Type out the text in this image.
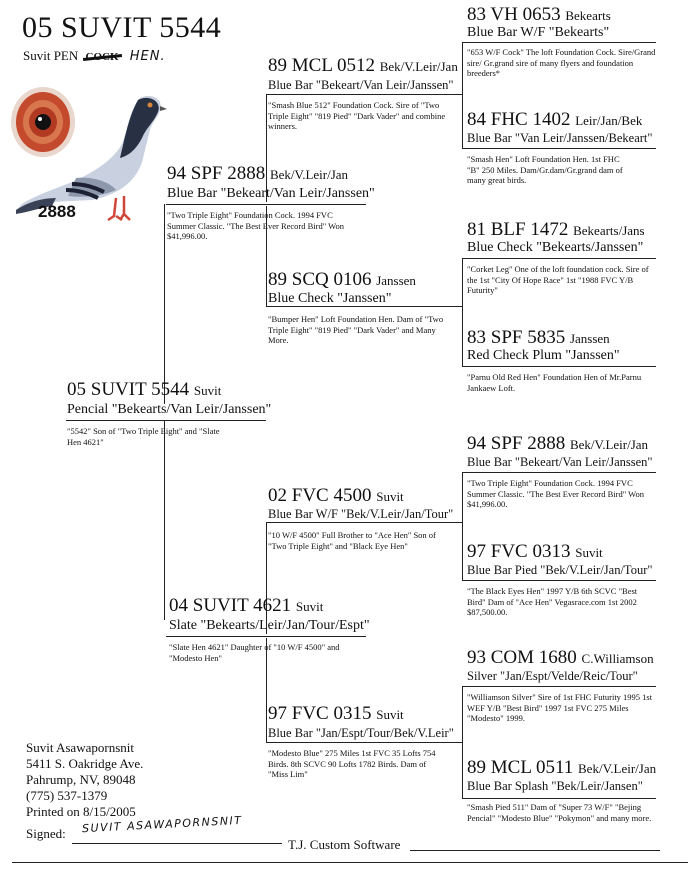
05 SUVIT 5544
Suvit PEN	HEN.
2888
05 SUVIT 5544 Suvit
Pencial "Bekearts/Van Leir/Janssen"
"5542" Son of "Two Triple Eight" and "Slate Hen 4621"
94 SPF 2888 Bek/V.Leir/Jan
Blue Bar "Bekeart/Van Leir/Janssen"
"Two Triple Eight" Foundation Cock. 1994 FVC Summer Classic. "The Best Ever Record Bird" Won $41,996.00.
04 SUVIT 4621 Suvit
Slate "Bekearts/Leir/Jan/Tour/Espt"
"Slate Hen 4621" Daughter of "10 W/F 4500" and "Modesto Hen"
89 MCL 0512 Bek/V.Leir/Jan
Blue Bar "Bekeart/Van Leir/Janssen"
"Smash Blue 512" Foundation Cock. Sire of "Two Triple Eight" "819 Pied" "Dark Vader" and combine winners.
89 SCQ 0106 Janssen
Blue Check "Janssen"
"Bumper Hen" Loft Foundation Hen. Dam of "Two Triple Eight" "819 Pied" "Dark Vader" and Many More.
02 FVC 4500 Suvit
Blue Bar W/F "Bek/V.Leir/Jan/Tour"
"10 W/F 4500" Full Brother to "Ace Hen" Son of "Two Triple Eight" and "Black Eye Hen"
97 FVC 0315 Suvit
Blue Bar "Jan/Espt/Tour/Bek/V.Leir"
"Modesto Blue" 275 Miles 1st FVC 35 Lofts 754 Birds. 8th SCVC 90 Lofts 1782 Birds. Dam of "Miss Lim"
83 VH 0653 Bekearts
Blue Bar W/F "Bekearts"
"653 W/F Cock" The loft Foundation Cock. Sire/Grand sire/ Gr.grand sire of many flyers and foundation breeders*
84 FHC 1402 Leir/Jan/Bek
Blue Bar "Van Leir/Janssen/Bekeart"
"Smash Hen" Loft Foundation Hen. 1st FHC "B" 250 Miles. Dam/Gr.dam/Gr.grand dam of many great birds.
81 BLF 1472 Bekearts/Jans
Blue Check "Bekearts/Janssen"
"Corket Leg" One of the loft foundation cock. Sire of the 1st "City Of Hope Race" 1st "1988 FVC Y/B Futurity"
83 SPF 5835 Janssen
Red Check Plum "Janssen"
"Parnu Old Red Hen" Foundation Hen of Mr.Parnu Jankaew Loft.
94 SPF 2888 Bek/V.Leir/Jan
Blue Bar "Bekeart/Van Leir/Janssen"
"Two Triple Eight" Foundation Cock. 1994 FVC Summer Classic. "The Best Ever Record Bird" Won $41,996.00.
97 FVC 0313 Suvit
Blue Bar Pied "Bek/V.Leir/Jan/Tour"
"The Black Eyes Hen" 1997 Y/B 6th SCVC "Best Bird" Dam of "Ace Hen" Vegasrace.com 1st 2002 $87,500.00.
93 COM 1680 C.Williamson
Silver "Jan/Espt/Velde/Reic/Tour"
"Williamson Silver" Sire of 1st FHC Futurity 1995 1st WEF Y/B "Best Bird" 1997 1st FVC 275 Miles "Modesto" 1999.
89 MCL 0511 Bek/V.Leir/Jan
Blue Bar Splash "Bek/Leir/Jansen"
"Smash Pied 511" Dam of "Super 73 W/F" "Bejing Pencial" "Modesto Blue" "Pokymon" and many more.
Suvit Asawapornsnit
5411 S. Oakridge Ave.
Pahrump, NV, 89048
(775) 537-1379
Printed on 8/15/2005
Signed: SUVIT ASAWAPORNSNIT
T.J. Custom Software
